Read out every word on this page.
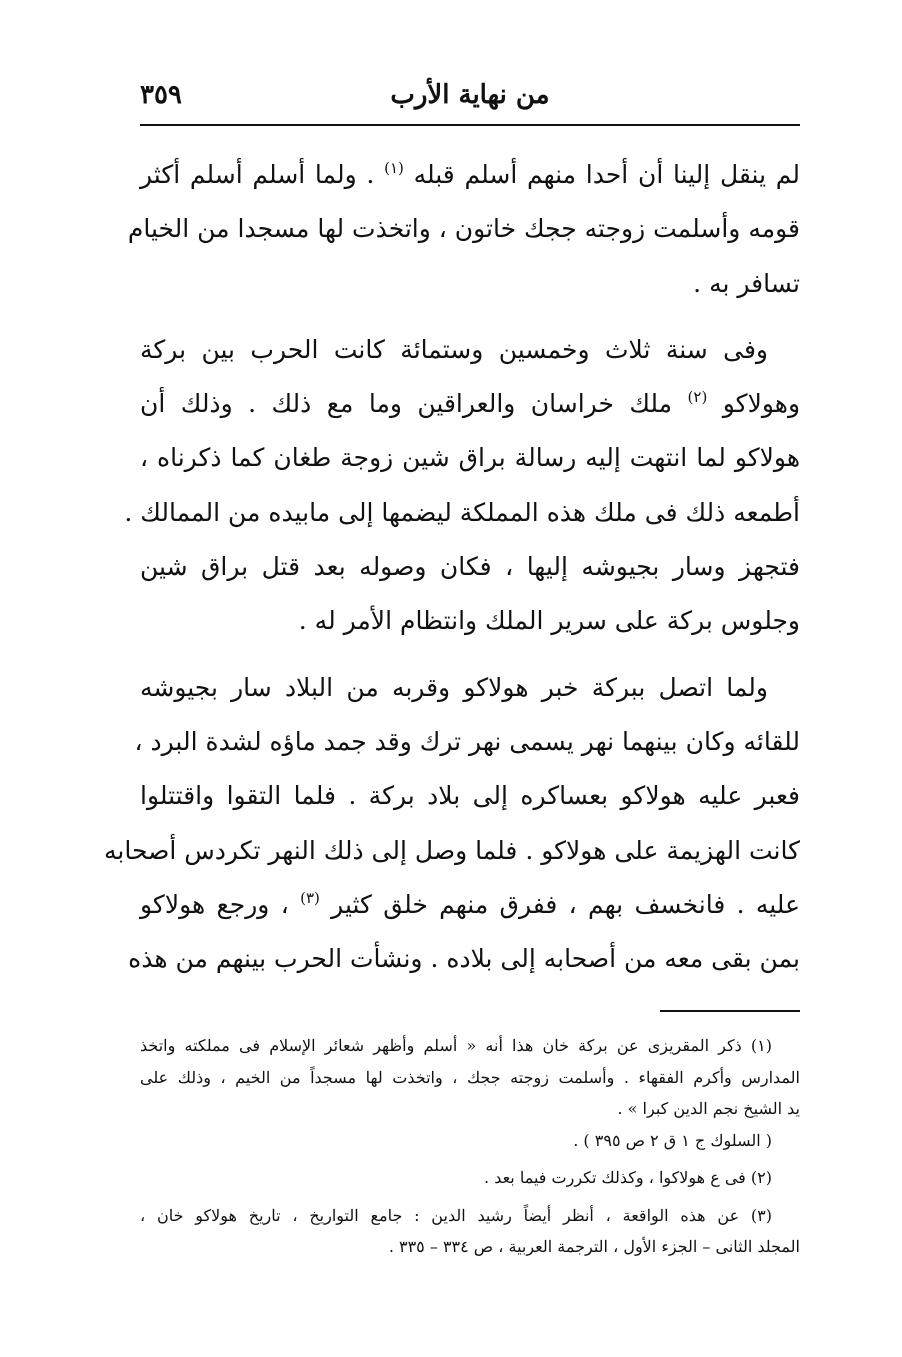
٣٥٩	من نهاية الأرب

لم ينقل إلينا أن أحدا منهم أسلم قبله $^{(١)}$ . ولما أسلم أسلم أكثر
قومه وأسلمت زوجته ججك خاتون ، واتخذت لها مسجدا من الخيام
تسافر به .

وفى سنة ثلاث وخمسين وستمائة كانت الحرب بين بركة
وهولاكو $^{(٢)}$ ملك خراسان والعراقين وما مع ذلك . وذلك أن
هولاكو لما انتهت إليه رسالة براق شين زوجة طغان كما ذكرناه ،
أطمعه ذلك فى ملك هذه المملكة ليضمها إلى مابيده من الممالك .
فتجهز وسار بجيوشه إليها ، فكان وصوله بعد قتل براق شين
وجلوس بركة على سرير الملك وانتظام الأمر له .

ولما اتصل ببركة خبر هولاكو وقربه من البلاد سار بجيوشه
للقائه وكان بينهما نهر يسمى نهر ترك وقد جمد ماؤه لشدة البرد ،
فعبر عليه هولاكو بعساكره إلى بلاد بركة . فلما التقوا واقتتلوا
كانت الهزيمة على هولاكو . فلما وصل إلى ذلك النهر تكردس أصحابه
عليه . فانخسف بهم ، ففرق منهم خلق كثير $^{(٣)}$ ، ورجع هولاكو
بمن بقى معه من أصحابه إلى بلاده . ونشأت الحرب بينهم من هذه

(١) ذكر المقريزى عن بركة خان هذا أنه « أسلم وأظهر شعائر الإسلام فى مملكته واتخذ
المدارس وأكرم الفقهاء . وأسلمت زوجته ججك ، واتخذت لها مسجداً من الخيم ، وذلك على
يد الشيخ نجم الدين كبرا » .
( السلوك ج ١ ق ٢ ص ٣٩٥ ) .

(٢) فى ع هولاكوا ، وكذلك تكررت فيما بعد .

(٣) عن هذه الواقعة ، أنظر أيضاً رشيد الدين : جامع التواريخ ، تاريخ هولاكو خان ،
المجلد الثانى – الجزء الأول ، الترجمة العربية ، ص ٣٣٤ – ٣٣٥ .
